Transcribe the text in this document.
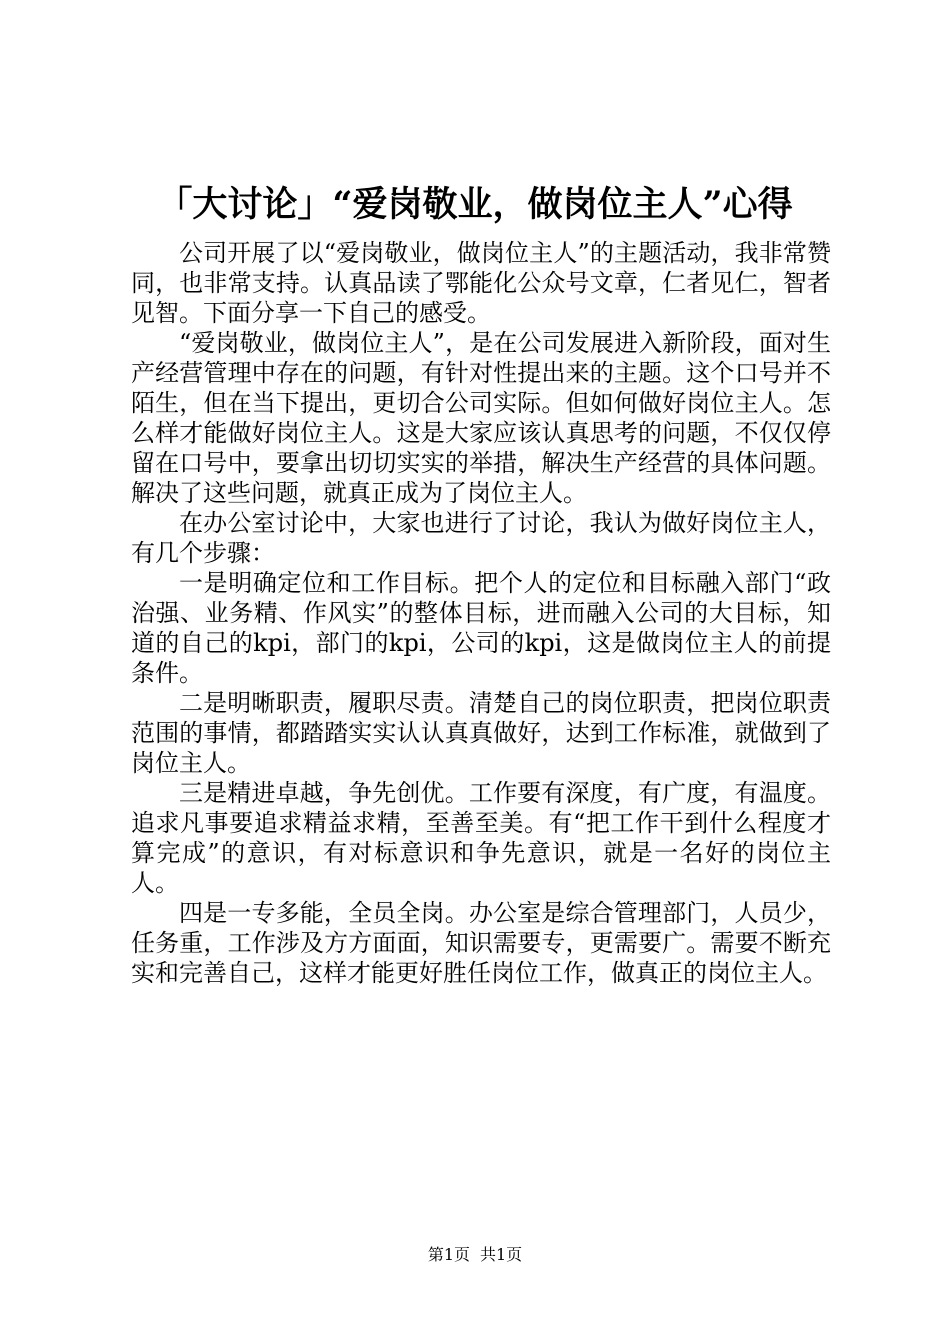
「大讨论」“爱岗敬业，做岗位主人”心得

公司开展了以“爱岗敬业，做岗位主人”的主题活动，我非常赞同，也非常支持。认真品读了鄂能化公众号文章，仁者见仁，智者见智。下面分享一下自己的感受。

“爱岗敬业，做岗位主人”，是在公司发展进入新阶段，面对生产经营管理中存在的问题，有针对性提出来的主题。这个口号并不陌生，但在当下提出，更切合公司实际。但如何做好岗位主人。怎么样才能做好岗位主人。这是大家应该认真思考的问题，不仅仅停留在口号中，要拿出切切实实的举措，解决生产经营的具体问题。解决了这些问题，就真正成为了岗位主人。

在办公室讨论中，大家也进行了讨论，我认为做好岗位主人，有几个步骤：

一是明确定位和工作目标。把个人的定位和目标融入部门“政治强、业务精、作风实”的整体目标，进而融入公司的大目标，知道的自己的kpi，部门的kpi，公司的kpi，这是做岗位主人的前提条件。

二是明晰职责，履职尽责。清楚自己的岗位职责，把岗位职责范围的事情，都踏踏实实认认真真做好，达到工作标准，就做到了岗位主人。

三是精进卓越，争先创优。工作要有深度，有广度，有温度。追求凡事要追求精益求精，至善至美。有“把工作干到什么程度才算完成”的意识，有对标意识和争先意识，就是一名好的岗位主人。

四是一专多能，全员全岗。办公室是综合管理部门，人员少，任务重，工作涉及方方面面，知识需要专，更需要广。需要不断充实和完善自己，这样才能更好胜任岗位工作，做真正的岗位主人。

第1页 共1页
